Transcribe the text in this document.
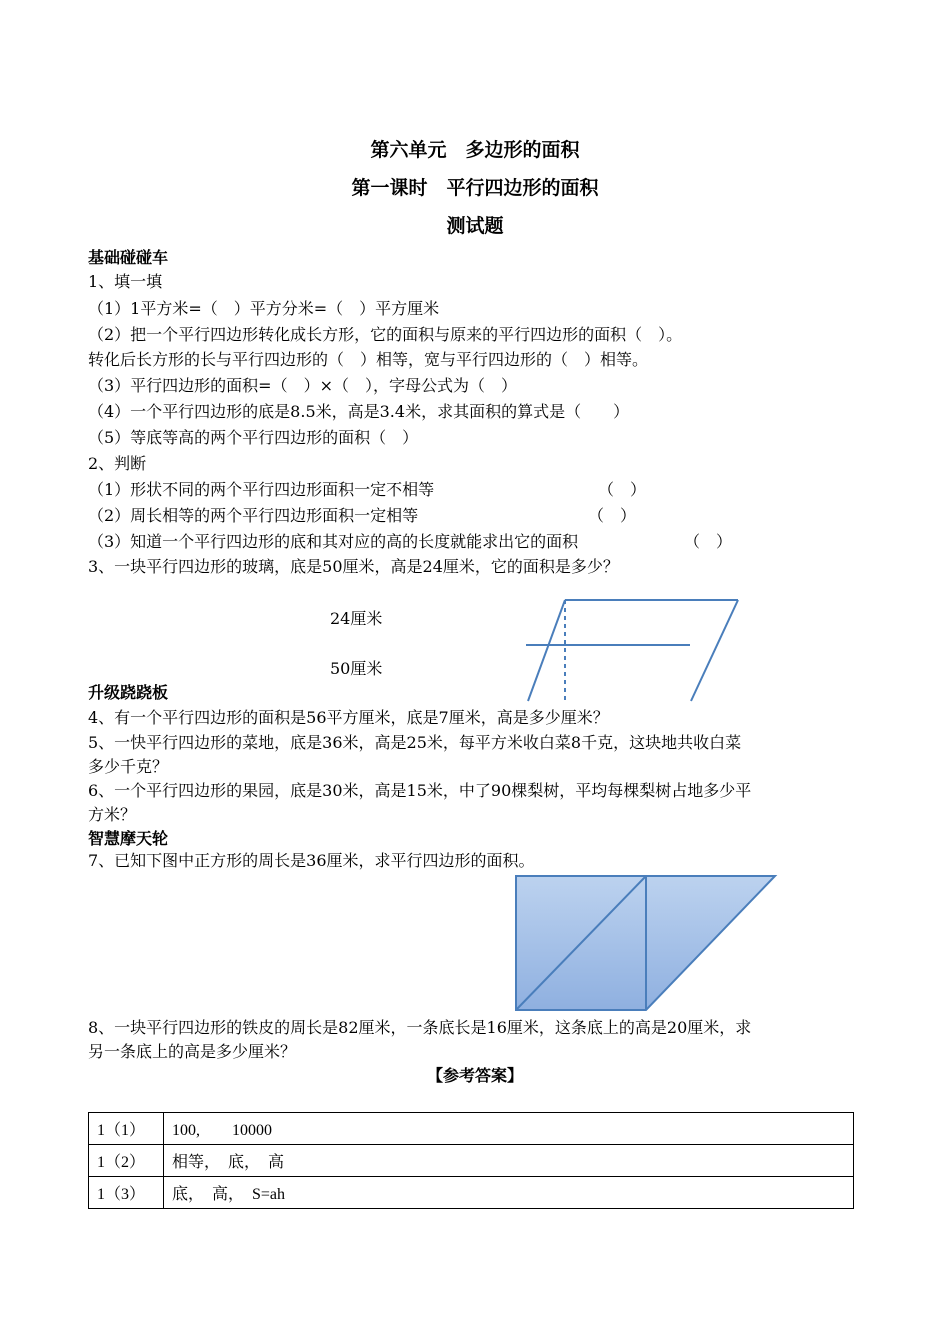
第六单元　多边形的面积
第一课时　平行四边形的面积
测试题
基础碰碰车
1、填一填
（1）1平方米=（　）平方分米=（　）平方厘米
（2）把一个平行四边形转化成长方形，它的面积与原来的平行四边形的面积（　）。
转化后长方形的长与平行四边形的（　）相等，宽与平行四边形的（　）相等。
（3）平行四边形的面积=（　）×（　），字母公式为（　）
（4）一个平行四边形的底是8.5米，高是3.4米，求其面积的算式是（　　）
（5）等底等高的两个平行四边形的面积（　）
2、判断
（1）形状不同的两个平行四边形面积一定不相等	（　）
（2）周长相等的两个平行四边形面积一定相等	（　）
（3）知道一个平行四边形的底和其对应的高的长度就能求出它的面积	（　）
3、一块平行四边形的玻璃，底是50厘米，高是24厘米，它的面积是多少？
24厘米
50厘米
升级跷跷板
4、有一个平行四边形的面积是56平方厘米，底是7厘米，高是多少厘米？
5、一快平行四边形的菜地，底是36米，高是25米，每平方米收白菜8千克，这块地共收白菜
多少千克？
6、一个平行四边形的果园，底是30米，高是15米，中了90棵梨树，平均每棵梨树占地多少平
方米？
智慧摩天轮
7、已知下图中正方形的周长是36厘米，求平行四边形的面积。
8、一块平行四边形的铁皮的周长是82厘米，一条底长是16厘米，这条底上的高是20厘米，求
另一条底上的高是多少厘米？
【参考答案】
1（1）	100,　　10000
1（2）	相等，　底，　高
1（3）	底，　高，　S=ah
